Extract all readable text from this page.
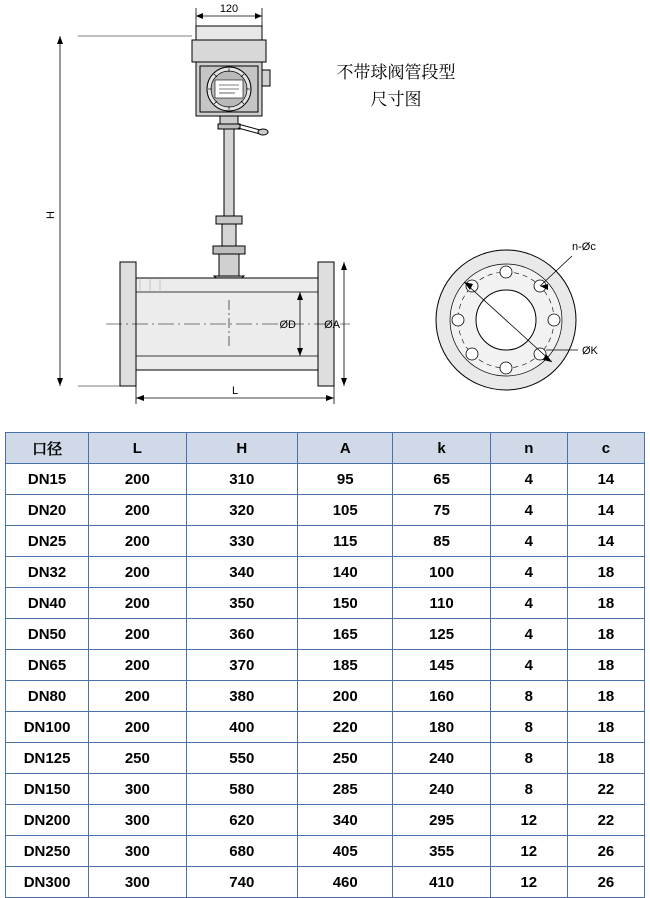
120
H
L
ØD	ØA
n-Øc
ØK
不带球阀管段型
尺寸图
口径	L	H	A	k	n	c
DN15	200	310	95	65	4	14
DN20	200	320	105	75	4	14
DN25	200	330	115	85	4	14
DN32	200	340	140	100	4	18
DN40	200	350	150	110	4	18
DN50	200	360	165	125	4	18
DN65	200	370	185	145	4	18
DN80	200	380	200	160	8	18
DN100	200	400	220	180	8	18
DN125	250	550	250	240	8	18
DN150	300	580	285	240	8	22
DN200	300	620	340	295	12	22
DN250	300	680	405	355	12	26
DN300	300	740	460	410	12	26
